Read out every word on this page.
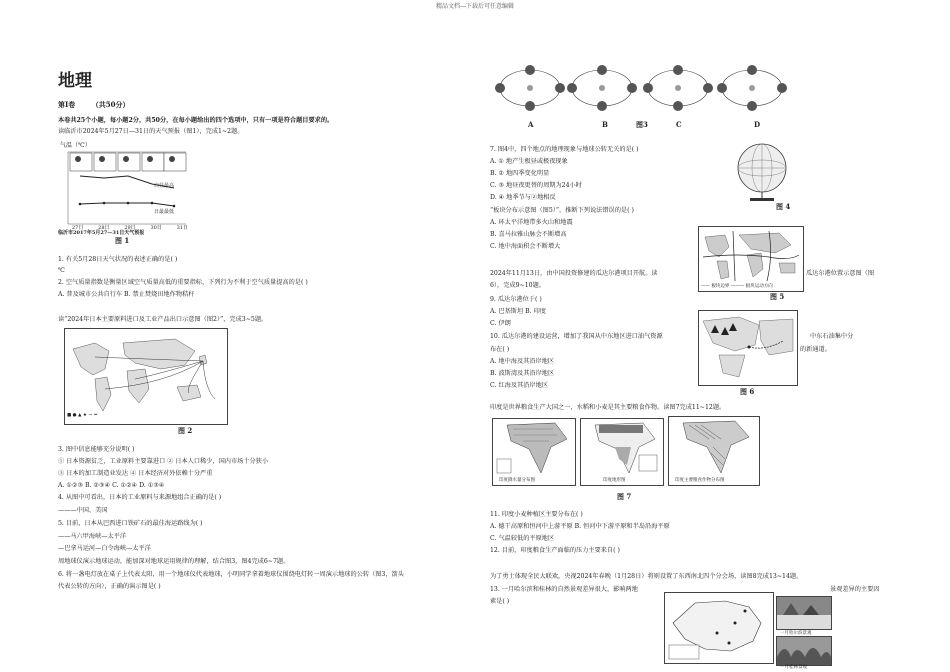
精品文档---下载后可任意编辑
地理
第Ⅰ卷 （共50分）
本卷共25个小题，每小题2分，共50分，在每小题给出的四个选项中，只有一项是符合题目要求的。
读临沂市2024年5月27日—31日的天气预报（图1），完成1~2题。
气温（℃）
白昼最高
日最最低
27日	28日	29日	30日	31日
临沂市2017年5月27—31日天气预报
图 1
1. 有关5月28日天气状况的表述正确的是( )
℃
2. 空气质量指数是衡量区域空气质量高低的重要指标，下列行为不利于空气质量提高的是( )
A. 普及城市公共自行车 B. 禁止焚烧田地作物秸秆
读“2024年日本主要原料进口及工业产品出口示意图（图2）”，完成3~5题。
■ ● ▲ ★ → ⇒
图 2
3. 图中信息能够充分说明( )
① 日本资源贫乏，工业原料主要靠进口 ② 日本人口稀少，国内市场十分狭小
③ 日本的加工制造业发达 ④ 日本经济对外依赖十分严重
A. ①②③ B. ②③④ C. ①②④ D. ①③④
4. 从图中可看出，日本的工业原料与来源地组合正确的是( )
———中国、美国
5. 目前，日本从巴西进口铁矿石的最佳海运路线为( )
——马六甲海峡—太平洋
—巴拿马运河—白令海峡—太平洋
周地球仪演示地球运动，能加深对地球运用规律的理解，结合图3，图4完成6~7题。
6. 将一盏电灯放在桌子上代表太阳，用一个地球仪代表地球，小明同学拿着地球仪围绕电灯转一周演示地球的公转（图3，箭头
代表公转的方向），正确的演示图是( )
A	B	图3	C	D
7. 图4中，四个地点的地理现象与地球公转无关的是( )
A. ① 地产生极昼或极夜现象
B. ② 地四季变化明显
C. ③ 地昼夜更替的周期为24小时
D. ④ 地季节与②地相反
“板块分布示意图（图5）”，推断下列说法错误的是( )
A. 环太平洋地带多火山和地震
B. 喜马拉雅山脉会不断增高
C. 地中海面积会不断增大
图 4
—— 板块边界 ——— 板块运动方向
图 5
2024年11月13日，由中国投资修建的瓜达尔港项目开航。读	瓜达尔港位置示意图（图
6），完成9~10题。
9. 瓜达尔港位于( )
A. 巴基斯坦 B. 印度
C. 伊朗
10. 瓜达尔港的建设运营，增加了我国从中东地区进口油气资源	中东石油集中分
布在( )	的新通道。
A. 地中海及其沿岸地区
B. 波斯湾及其沿岸地区
C. 红海及其沿岸地区
图 6
印度是世界粮食生产大国之一，水稻和小麦是其主要粮食作物。读图7完成11~12题。
印度降水量分布图	印度地形图	印度主要粮食作物分布图
图 7
11. 印度小麦种植区主要分布在( )
A. 德干高原和恒河中上游平原 B. 恒河中下游平原和半岛沿海平原
C. 气温较低的平原地区
12. 目前，印度粮食生产面临的压力主要来自( )
为了勇士体现全民大联欢，央视2024年春晚（1月28日）将则设置了东西南北四个分会场，读图8完成13~14题。
13. 一月哈尔滨和桂林的自然景观差异很大，影响两地	景观差异的主要因
素是( )
一月哈尔滨景观
一月桂林景观
